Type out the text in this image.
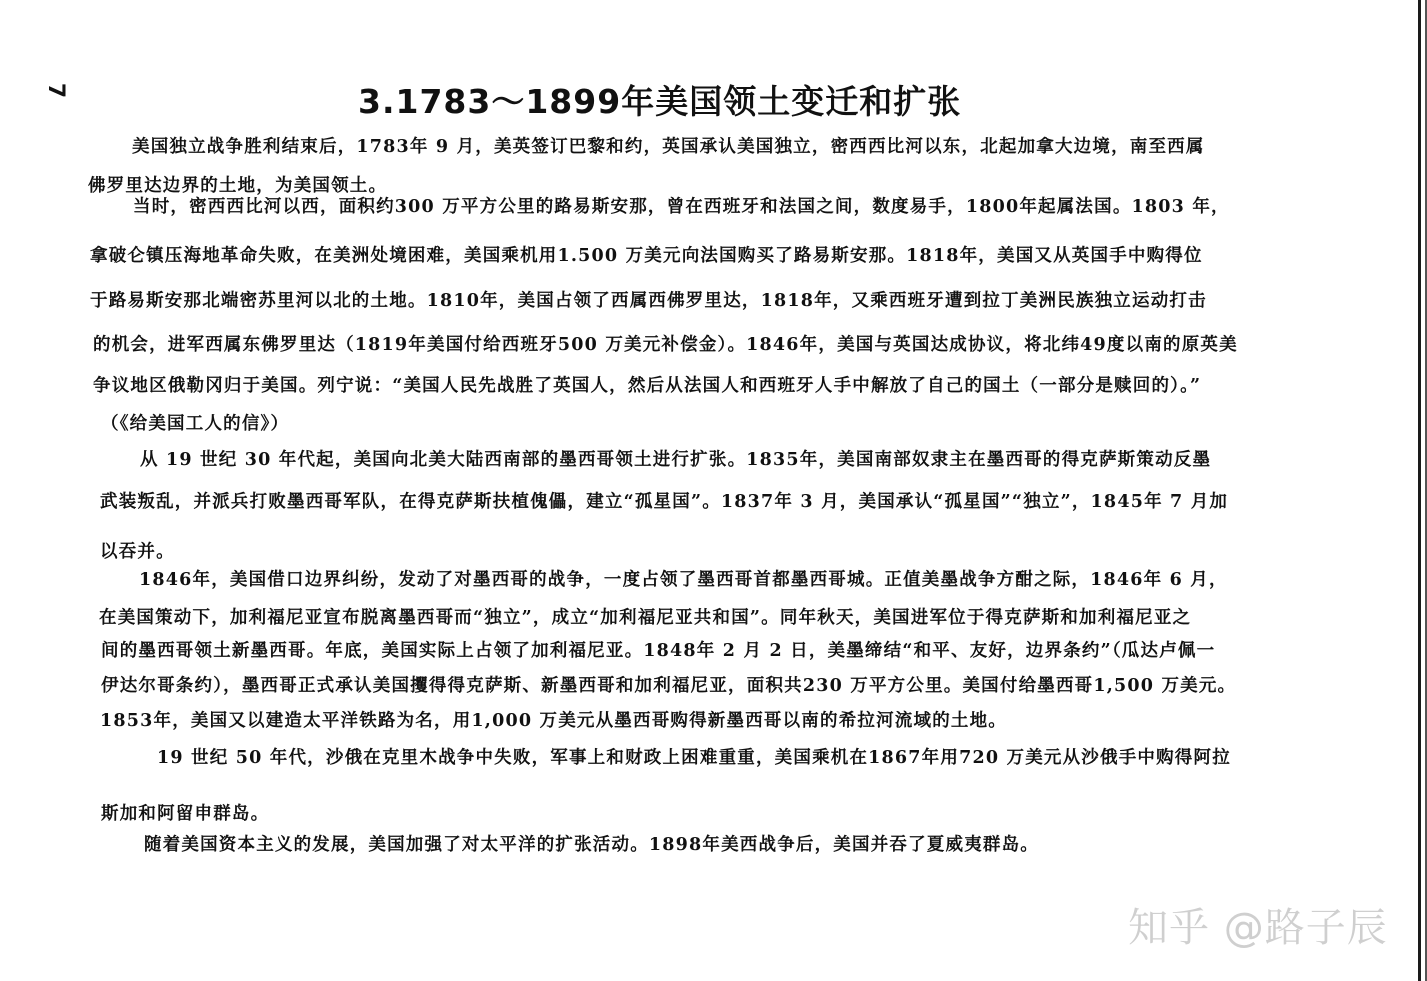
7	3.1783～1899年美国领土变迁和扩张
美国独立战争胜利结束后，1783年 9 月，美英签订巴黎和约，英国承认美国独立，密西西比河以东，北起加拿大边境，南至西属
佛罗里达边界的土地，为美国领土。
当时，密西西比河以西，面积约300 万平方公里的路易斯安那，曾在西班牙和法国之间，数度易手，1800年起属法国。1803 年，
拿破仑镇压海地革命失败，在美洲处境困难，美国乘机用1.500 万美元向法国购买了路易斯安那。1818年，美国又从英国手中购得位
于路易斯安那北端密苏里河以北的土地。1810年，美国占领了西属西佛罗里达，1818年，又乘西班牙遭到拉丁美洲民族独立运动打击
的机会，进军西属东佛罗里达（1819年美国付给西班牙500 万美元补偿金）。1846年，美国与英国达成协议，将北纬49度以南的原英美
争议地区俄勒冈归于美国。列宁说：“美国人民先战胜了英国人，然后从法国人和西班牙人手中解放了自己的国土（一部分是赎回的）。”
（《给美国工人的信》）
从 19 世纪 30 年代起，美国向北美大陆西南部的墨西哥领土进行扩张。1835年，美国南部奴隶主在墨西哥的得克萨斯策动反墨
武装叛乱，并派兵打败墨西哥军队，在得克萨斯扶植傀儡，建立“孤星国”。1837年 3 月，美国承认“孤星国”“独立”，1845年 7 月加
以吞并。
1846年，美国借口边界纠纷，发动了对墨西哥的战争，一度占领了墨西哥首都墨西哥城。正值美墨战争方酣之际，1846年 6 月，
在美国策动下，加利福尼亚宣布脱离墨西哥而“独立”，成立“加利福尼亚共和国”。同年秋天，美国进军位于得克萨斯和加利福尼亚之
间的墨西哥领土新墨西哥。年底，美国实际上占领了加利福尼亚。1848年 2 月 2 日，美墨缔结“和平、友好，边界条约”（瓜达卢佩一
伊达尔哥条约），墨西哥正式承认美国攫得得克萨斯、新墨西哥和加利福尼亚，面积共230 万平方公里。美国付给墨西哥1,500 万美元。
1853年，美国又以建造太平洋铁路为名，用1,000 万美元从墨西哥购得新墨西哥以南的希拉河流域的土地。
19 世纪 50 年代，沙俄在克里木战争中失败，军事上和财政上困难重重，美国乘机在1867年用720 万美元从沙俄手中购得阿拉
斯加和阿留申群岛。
随着美国资本主义的发展，美国加强了对太平洋的扩张活动。1898年美西战争后，美国并吞了夏威夷群岛。
知乎 @路子辰
